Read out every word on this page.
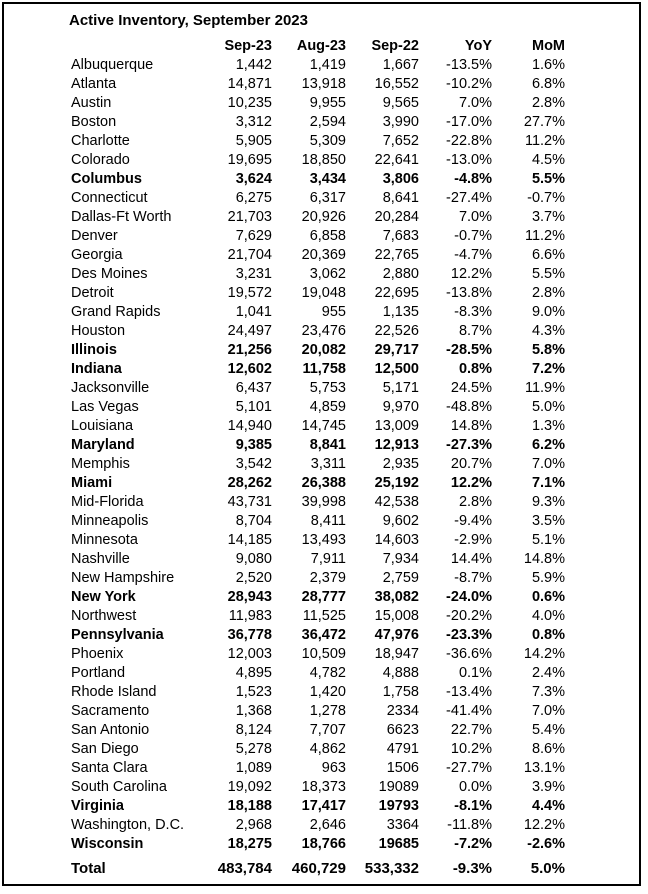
Active Inventory, September 2023
Sep-23 Aug-23 Sep-22	YoY	MoM
Albuquerque	1,442	1,419	1,667 -13.5%	1.6%
Atlanta	14,871 13,918 16,552 -10.2%	6.8%
Austin	10,235	9,955	9,565	7.0%	2.8%
Boston	3,312	2,594	3,990 -17.0% 27.7%
Charlotte	5,905	5,309	7,652 -22.8% 11.2%
Colorado	19,695 18,850 22,641 -13.0%	4.5%
Columbus	3,624	3,434	3,806 -4.8%	5.5%
Connecticut	6,275	6,317	8,641 -27.4% -0.7%
Dallas-Ft Worth	21,703 20,926 20,284	7.0%	3.7%
Denver	7,629	6,858	7,683 -0.7% 11.2%
Georgia	21,704 20,369 22,765 -4.7%	6.6%
Des Moines	3,231	3,062	2,880 12.2%	5.5%
Detroit	19,572 19,048 22,695 -13.8%	2.8%
Grand Rapids	1,041	955	1,135 -8.3%	9.0%
Houston	24,497 23,476 22,526	8.7%	4.3%
Illinois	21,256 20,082 29,717 -28.5%	5.8%
Indiana	12,602 11,758 12,500	0.8%	7.2%
Jacksonville	6,437	5,753	5,171 24.5% 11.9%
Las Vegas	5,101	4,859	9,970 -48.8%	5.0%
Louisiana	14,940 14,745 13,009 14.8%	1.3%
Maryland	9,385	8,841 12,913 -27.3%	6.2%
Memphis	3,542	3,311	2,935 20.7%	7.0%
Miami	28,262 26,388 25,192 12.2%	7.1%
Mid-Florida	43,731 39,998 42,538	2.8%	9.3%
Minneapolis	8,704	8,411	9,602 -9.4%	3.5%
Minnesota	14,185 13,493 14,603 -2.9%	5.1%
Nashville	9,080	7,911	7,934 14.4% 14.8%
New Hampshire	2,520	2,379	2,759 -8.7%	5.9%
New York	28,943 28,777 38,082 -24.0%	0.6%
Northwest	11,983 11,525 15,008 -20.2%	4.0%
Pennsylvania	36,778 36,472 47,976 -23.3%	0.8%
Phoenix	12,003 10,509 18,947 -36.6% 14.2%
Portland	4,895	4,782	4,888	0.1%	2.4%
Rhode Island	1,523	1,420	1,758 -13.4%	7.3%
Sacramento	1,368	1,278	2334 -41.4%	7.0%
San Antonio	8,124	7,707	6623 22.7%	5.4%
San Diego	5,278	4,862	4791 10.2%	8.6%
Santa Clara	1,089	963	1506 -27.7% 13.1%
South Carolina	19,092 18,373 19089	0.0%	3.9%
Virginia	18,188 17,417 19793 -8.1%	4.4%
Washington, D.C.	2,968	2,646	3364 -11.8% 12.2%
Wisconsin	18,275 18,766 19685 -7.2% -2.6%
Total	483,784 460,729 533,332 -9.3%	5.0%
